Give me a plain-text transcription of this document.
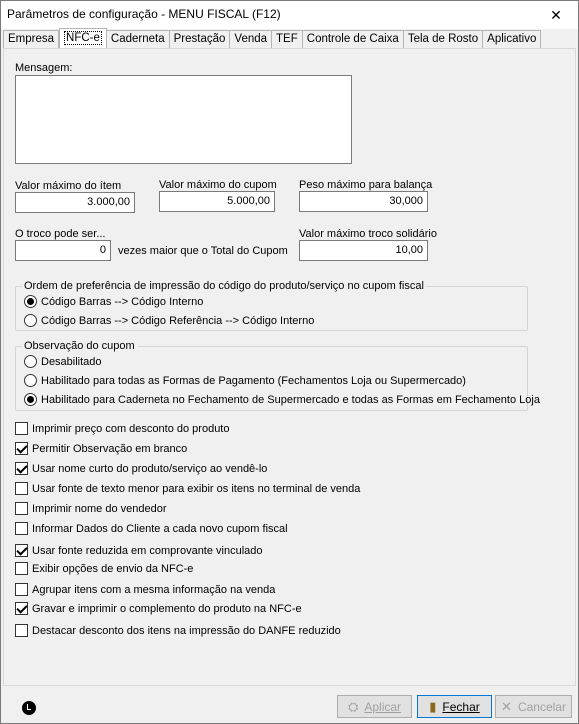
Parâmetros de configuração - MENU FISCAL (F12)	✕
Empresa	NFC-e Caderneta Prestação Venda TEF Controle de Caixa Tela de Rosto Aplicativo
Mensagem:
Valor máximo do ítem
3.000,00
Valor máximo do cupom
5.000,00
Peso máximo para balança
30,000
O troco pode ser...
0	vezes maior que o Total do Cupom
Valor máximo troco solidário
10,00
Ordem de preferência de impressão do código do produto/serviço no cupom fiscal
Código Barras --> Código Interno
Código Barras --> Código Referência --> Código Interno
Observação do cupom
Desabilitado
Habilitado para todas as Formas de Pagamento (Fechamentos Loja ou Supermercado)
Habilitado para Caderneta no Fechamento de Supermercado e todas as Formas em Fechamento Loja
Imprimir preço com desconto do produto
Permitir Observação em branco
Usar nome curto do produto/serviço ao vendê-lo
Usar fonte de texto menor para exibir os itens no terminal de venda
Imprimir nome do vendedor
Informar Dados do Cliente a cada novo cupom fiscal
Usar fonte reduzida em comprovante vinculado
Exibir opções de envio da NFC-e
Agrupar itens com a mesma informação na venda
Gravar e imprimir o complemento do produto na NFC-e
Destacar desconto dos itens na impressão do DANFE reduzido
⛭ Aplicar ▮ Fechar ✕ Cancelar
